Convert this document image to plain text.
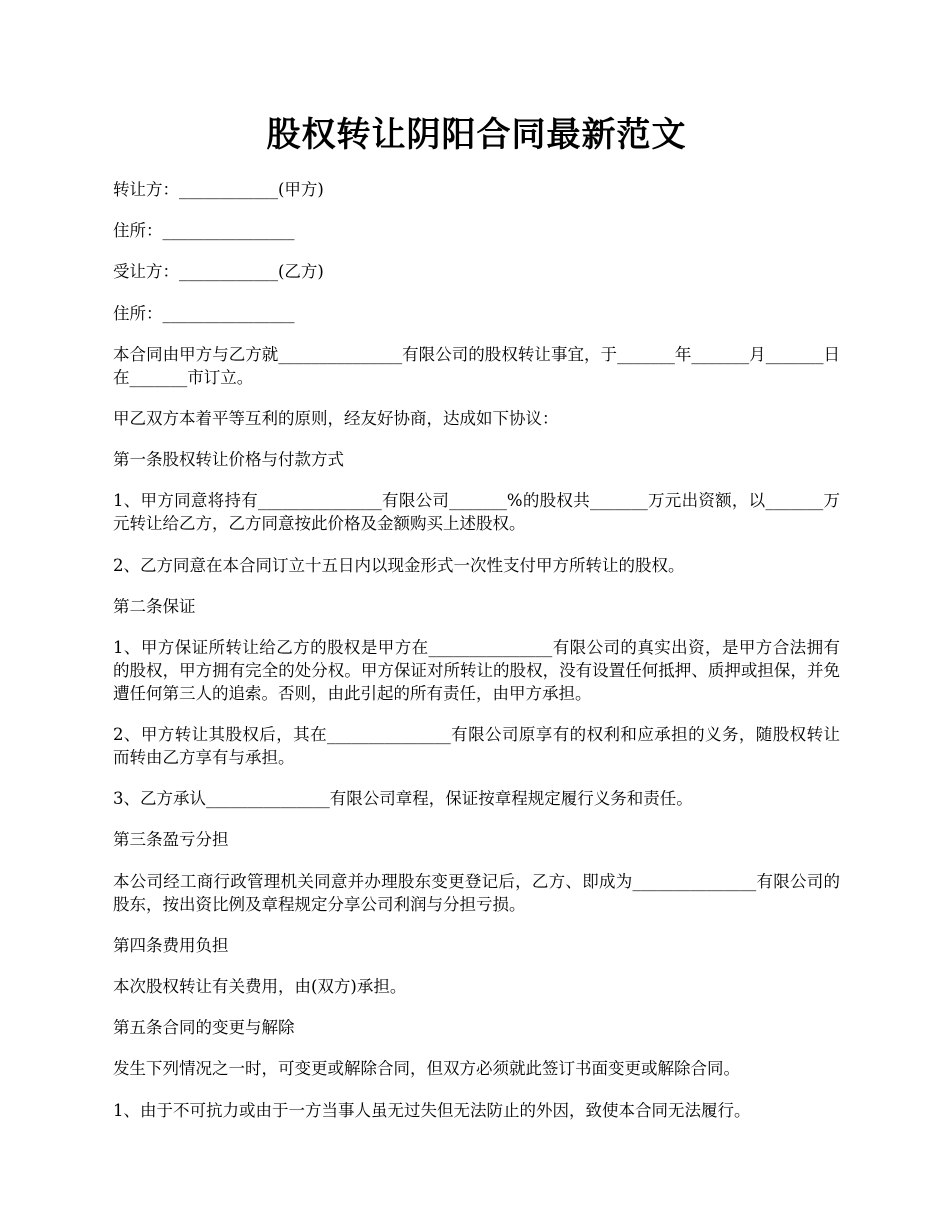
股权转让阴阳合同最新范文

转让方：____________(甲方)

住所：________________

受让方：____________(乙方)

住所：________________

本合同由甲方与乙方就_______________有限公司的股权转让事宜，于_______年_______月_______日在_______市订立。

甲乙双方本着平等互利的原则，经友好协商，达成如下协议：

第一条股权转让价格与付款方式

1、甲方同意将持有_______________有限公司_______%的股权共_______万元出资额，以_______万元转让给乙方，乙方同意按此价格及金额购买上述股权。

2、乙方同意在本合同订立十五日内以现金形式一次性支付甲方所转让的股权。

第二条保证

1、甲方保证所转让给乙方的股权是甲方在_______________有限公司的真实出资，是甲方合法拥有的股权，甲方拥有完全的处分权。甲方保证对所转让的股权，没有设置任何抵押、质押或担保，并免遭任何第三人的追索。否则，由此引起的所有责任，由甲方承担。

2、甲方转让其股权后，其在_______________有限公司原享有的权利和应承担的义务，随股权转让而转由乙方享有与承担。

3、乙方承认_______________有限公司章程，保证按章程规定履行义务和责任。

第三条盈亏分担

本公司经工商行政管理机关同意并办理股东变更登记后，乙方、即成为_______________有限公司的股东，按出资比例及章程规定分享公司利润与分担亏损。

第四条费用负担

本次股权转让有关费用，由(双方)承担。

第五条合同的变更与解除

发生下列情况之一时，可变更或解除合同，但双方必须就此签订书面变更或解除合同。

1、由于不可抗力或由于一方当事人虽无过失但无法防止的外因，致使本合同无法履行。
